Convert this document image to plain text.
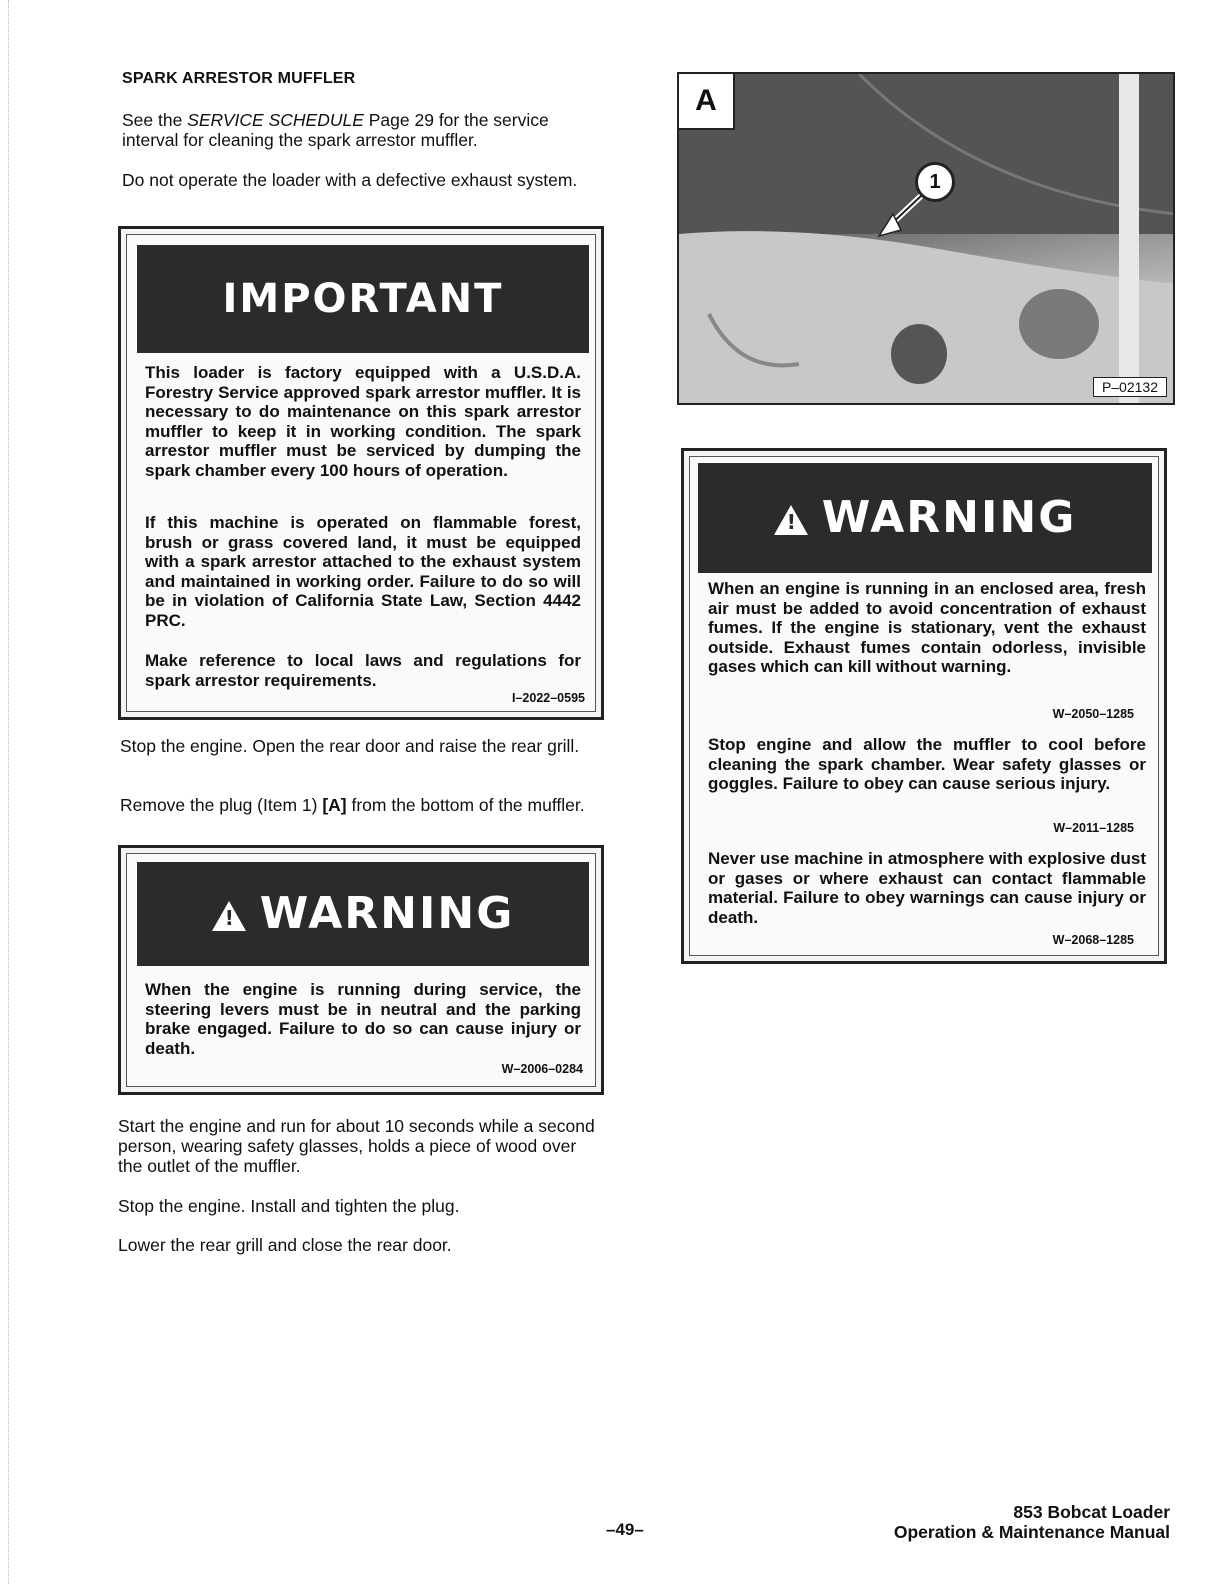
SPARK ARRESTOR MUFFLER

See the SERVICE SCHEDULE Page 29 for the service interval for cleaning the spark arrestor muffler.

Do not operate the loader with a defective exhaust system.

IMPORTANT

This loader is factory equipped with a U.S.D.A. Forestry Service approved spark arrestor muffler. It is necessary to do maintenance on this spark arrestor muffler to keep it in working condition. The spark arrestor muffler must be serviced by dumping the spark chamber every 100 hours of operation.

If this machine is operated on flammable forest, brush or grass covered land, it must be equipped with a spark arrestor attached to the exhaust system and maintained in working order. Failure to do so will be in violation of California State Law, Section 4442 PRC.

Make reference to local laws and regulations for spark arrestor requirements.

I–2022–0595

Stop the engine. Open the rear door and raise the rear grill.

Remove the plug (Item 1) [A] from the bottom of the muffler.

! WARNING

When the engine is running during service, the steering levers must be in neutral and the parking brake engaged. Failure to do so can cause injury or death.

W–2006–0284

Start the engine and run for about 10 seconds while a second person, wearing safety glasses, holds a piece of wood over the outlet of the muffler.

Stop the engine. Install and tighten the plug.

Lower the rear grill and close the rear door.

A
1
P–02132
! WARNING

When an engine is running in an enclosed area, fresh air must be added to avoid concentration of exhaust fumes. If the engine is stationary, vent the exhaust outside. Exhaust fumes contain odorless, invisible gases which can kill without warning.

W–2050–1285

Stop engine and allow the muffler to cool before cleaning the spark chamber. Wear safety glasses or goggles. Failure to obey can cause serious injury.

W–2011–1285

Never use machine in atmosphere with explosive dust or gases or where exhaust can contact flammable material. Failure to obey warnings can cause injury or death.

W–2068–1285
–49–
853 Bobcat Loader
Operation & Maintenance Manual
